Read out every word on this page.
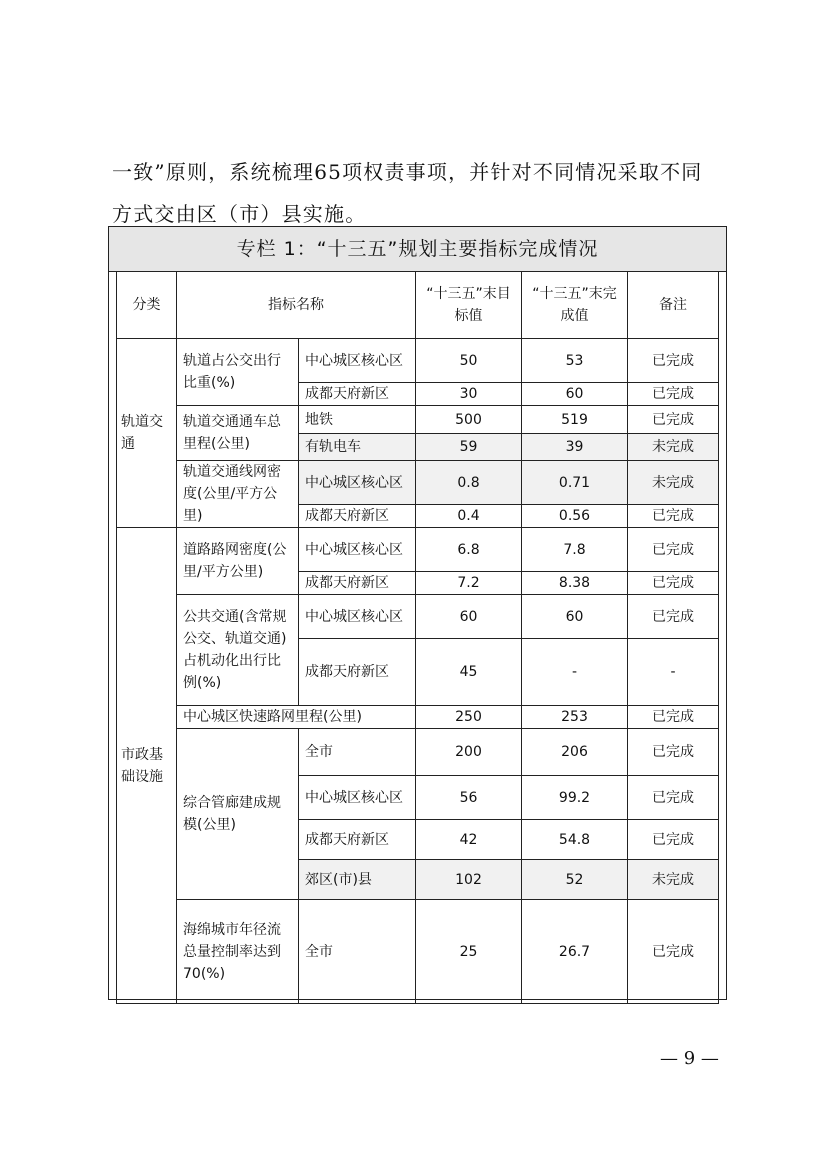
一致”原则，系统梳理65项权责事项，并针对不同情况采取不同
方式交由区（市）县实施。
专栏 1：“十三五”规划主要指标完成情况
分类	指标名称		“十三五”末目标值	“十三五”末完成值	备注
轨道交通	轨道占公交出行比重(%)	中心城区核心区	50	53	已完成
		成都天府新区	30	60	已完成
	轨道交通通车总里程(公里)	地铁	500	519	已完成
		有轨电车	59	39	未完成
	轨道交通线网密度(公里/平方公里)	中心城区核心区	0.8	0.71	未完成
		成都天府新区	0.4	0.56	已完成
市政基础设施	道路路网密度(公里/平方公里)	中心城区核心区	6.8	7.8	已完成
		成都天府新区	7.2	8.38	已完成
	公共交通(含常规公交、轨道交通)占机动化出行比例(%)	中心城区核心区	60	60	已完成
		成都天府新区	45	-	-
	中心城区快速路网里程(公里)		250	253	已完成
	综合管廊建成规模(公里)	全市	200	206	已完成
		中心城区核心区	56	99.2	已完成
		成都天府新区	42	54.8	已完成
		郊区(市)县	102	52	未完成
	海绵城市年径流总量控制率达到70(%)	全市	25	26.7	已完成
— 9 —
